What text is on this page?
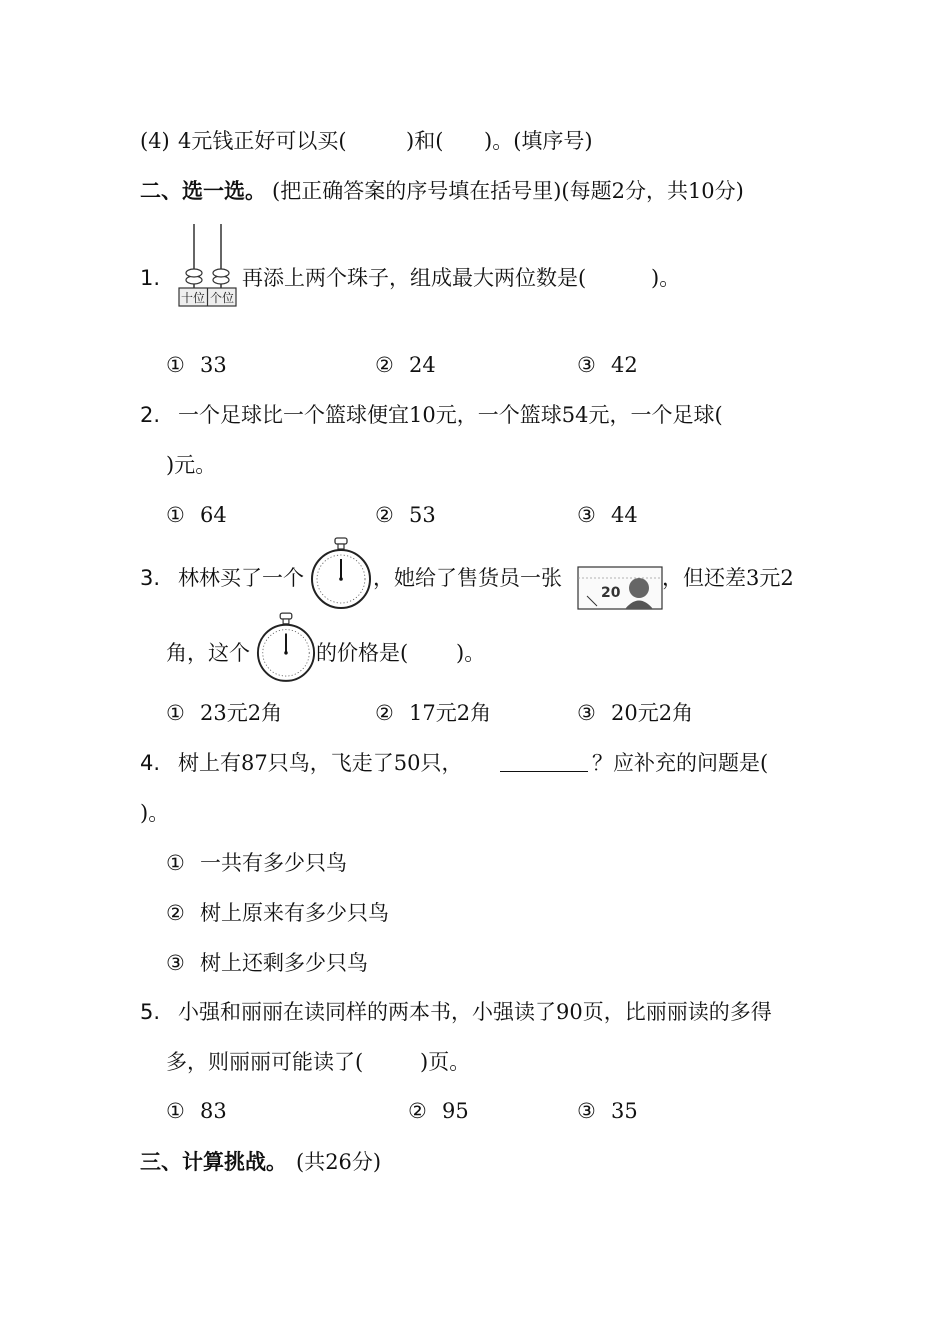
(4) 4元钱正好可以买(	)和( )。(填序号)
二、选一选。 (把正确答案的序号填在括号里)(每题2分，共10分)
1.	再添上两个珠子，组成最大两位数是(	)。
十位 个位
① 33	② 24	③ 42
2. 一个足球比一个篮球便宜10元，一个篮球54元，一个足球(
)元。
① 64	② 53	③ 44
3. 林林买了一个	，她给了售货员一张	，但还差3元2
20
角，这个	的价格是( )。
① 23元2角	② 17元2角	③ 20元2角
4. 树上有87只鸟，飞走了50只，	？应补充的问题是(
)。
① 一共有多少只鸟
② 树上原来有多少只鸟
③ 树上还剩多少只鸟
5. 小强和丽丽在读同样的两本书，小强读了90页，比丽丽读的多得
多，则丽丽可能读了(	)页。
① 83	② 95	③ 35
三、计算挑战。 (共26分)
